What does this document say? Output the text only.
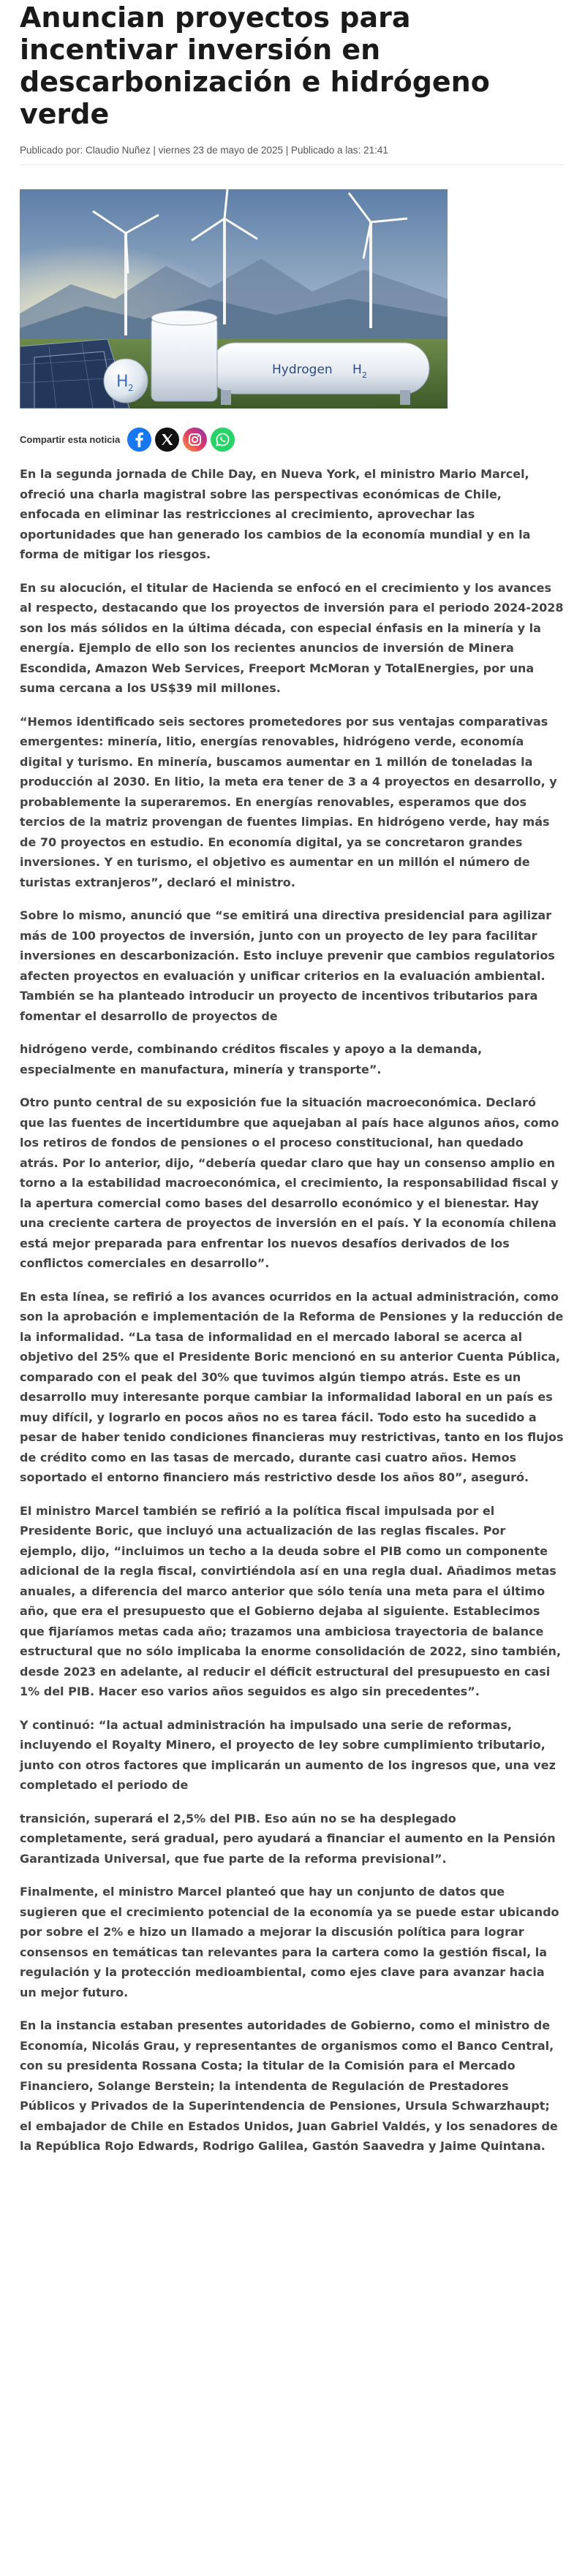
Anuncian proyectos para incentivar inversión en descarbonización e hidrógeno verde
Publicado por: Claudio Nuñez | viernes 23 de mayo de 2025 | Publicado a las: 21:41
Hydrogen H 2
H 2
Compartir esta noticia

En la segunda jornada de Chile Day, en Nueva York, el ministro Mario Marcel, ofreció una charla magistral sobre las perspectivas económicas de Chile, enfocada en eliminar las restricciones al crecimiento, aprovechar las oportunidades que han generado los cambios de la economía mundial y en la forma de mitigar los riesgos.

En su alocución, el titular de Hacienda se enfocó en el crecimiento y los avances al respecto, destacando que los proyectos de inversión para el periodo 2024-2028 son los más sólidos en la última década, con especial énfasis en la minería y la energía. Ejemplo de ello son los recientes anuncios de inversión de Minera Escondida, Amazon Web Services, Freeport McMoran y TotalEnergies, por una suma cercana a los US$39 mil millones.

“Hemos identificado seis sectores prometedores por sus ventajas comparativas emergentes: minería, litio, energías renovables, hidrógeno verde, economía digital y turismo. En minería, buscamos aumentar en 1 millón de toneladas la producción al 2030. En litio, la meta era tener de 3 a 4 proyectos en desarrollo, y probablemente la superaremos. En energías renovables, esperamos que dos tercios de la matriz provengan de fuentes limpias. En hidrógeno verde, hay más de 70 proyectos en estudio. En economía digital, ya se concretaron grandes inversiones. Y en turismo, el objetivo es aumentar en un millón el número de turistas extranjeros”, declaró el ministro.

Sobre lo mismo, anunció que “se emitirá una directiva presidencial para agilizar más de 100 proyectos de inversión, junto con un proyecto de ley para facilitar inversiones en descarbonización. Esto incluye prevenir que cambios regulatorios afecten proyectos en evaluación y unificar criterios en la evaluación ambiental. También se ha planteado introducir un proyecto de incentivos tributarios para fomentar el desarrollo de proyectos de

hidrógeno verde, combinando créditos fiscales y apoyo a la demanda, especialmente en manufactura, minería y transporte”.

Otro punto central de su exposición fue la situación macroeconómica. Declaró que las fuentes de incertidumbre que aquejaban al país hace algunos años, como los retiros de fondos de pensiones o el proceso constitucional, han quedado atrás. Por lo anterior, dijo, “debería quedar claro que hay un consenso amplio en torno a la estabilidad macroeconómica, el crecimiento, la responsabilidad fiscal y la apertura comercial como bases del desarrollo económico y el bienestar. Hay una creciente cartera de proyectos de inversión en el país. Y la economía chilena está mejor preparada para enfrentar los nuevos desafíos derivados de los conflictos comerciales en desarrollo”.

En esta línea, se refirió a los avances ocurridos en la actual administración, como son la aprobación e implementación de la Reforma de Pensiones y la reducción de la informalidad. “La tasa de informalidad en el mercado laboral se acerca al objetivo del 25% que el Presidente Boric mencionó en su anterior Cuenta Pública, comparado con el peak del 30% que tuvimos algún tiempo atrás. Este es un desarrollo muy interesante porque cambiar la informalidad laboral en un país es muy difícil, y lograrlo en pocos años no es tarea fácil. Todo esto ha sucedido a pesar de haber tenido condiciones financieras muy restrictivas, tanto en los flujos de crédito como en las tasas de mercado, durante casi cuatro años. Hemos soportado el entorno financiero más restrictivo desde los años 80”, aseguró.

El ministro Marcel también se refirió a la política fiscal impulsada por el Presidente Boric, que incluyó una actualización de las reglas fiscales. Por ejemplo, dijo, “incluimos un techo a la deuda sobre el PIB como un componente adicional de la regla fiscal, convirtiéndola así en una regla dual. Añadimos metas anuales, a diferencia del marco anterior que sólo tenía una meta para el último año, que era el presupuesto que el Gobierno dejaba al siguiente. Establecimos que fijaríamos metas cada año; trazamos una ambiciosa trayectoria de balance estructural que no sólo implicaba la enorme consolidación de 2022, sino también, desde 2023 en adelante, al reducir el déficit estructural del presupuesto en casi 1% del PIB. Hacer eso varios años seguidos es algo sin precedentes”.

Y continuó: “la actual administración ha impulsado una serie de reformas, incluyendo el Royalty Minero, el proyecto de ley sobre cumplimiento tributario, junto con otros factores que implicarán un aumento de los ingresos que, una vez completado el periodo de

transición, superará el 2,5% del PIB. Eso aún no se ha desplegado completamente, será gradual, pero ayudará a financiar el aumento en la Pensión Garantizada Universal, que fue parte de la reforma previsional”.

Finalmente, el ministro Marcel planteó que hay un conjunto de datos que sugieren que el crecimiento potencial de la economía ya se puede estar ubicando por sobre el 2% e hizo un llamado a mejorar la discusión política para lograr consensos en temáticas tan relevantes para la cartera como la gestión fiscal, la regulación y la protección medioambiental, como ejes clave para avanzar hacia un mejor futuro.

En la instancia estaban presentes autoridades de Gobierno, como el ministro de Economía, Nicolás Grau, y representantes de organismos como el Banco Central, con su presidenta Rossana Costa; la titular de la Comisión para el Mercado Financiero, Solange Berstein; la intendenta de Regulación de Prestadores Públicos y Privados de la Superintendencia de Pensiones, Ursula Schwarzhaupt; el embajador de Chile en Estados Unidos, Juan Gabriel Valdés, y los senadores de la República Rojo Edwards, Rodrigo Galilea, Gastón Saavedra y Jaime Quintana.
